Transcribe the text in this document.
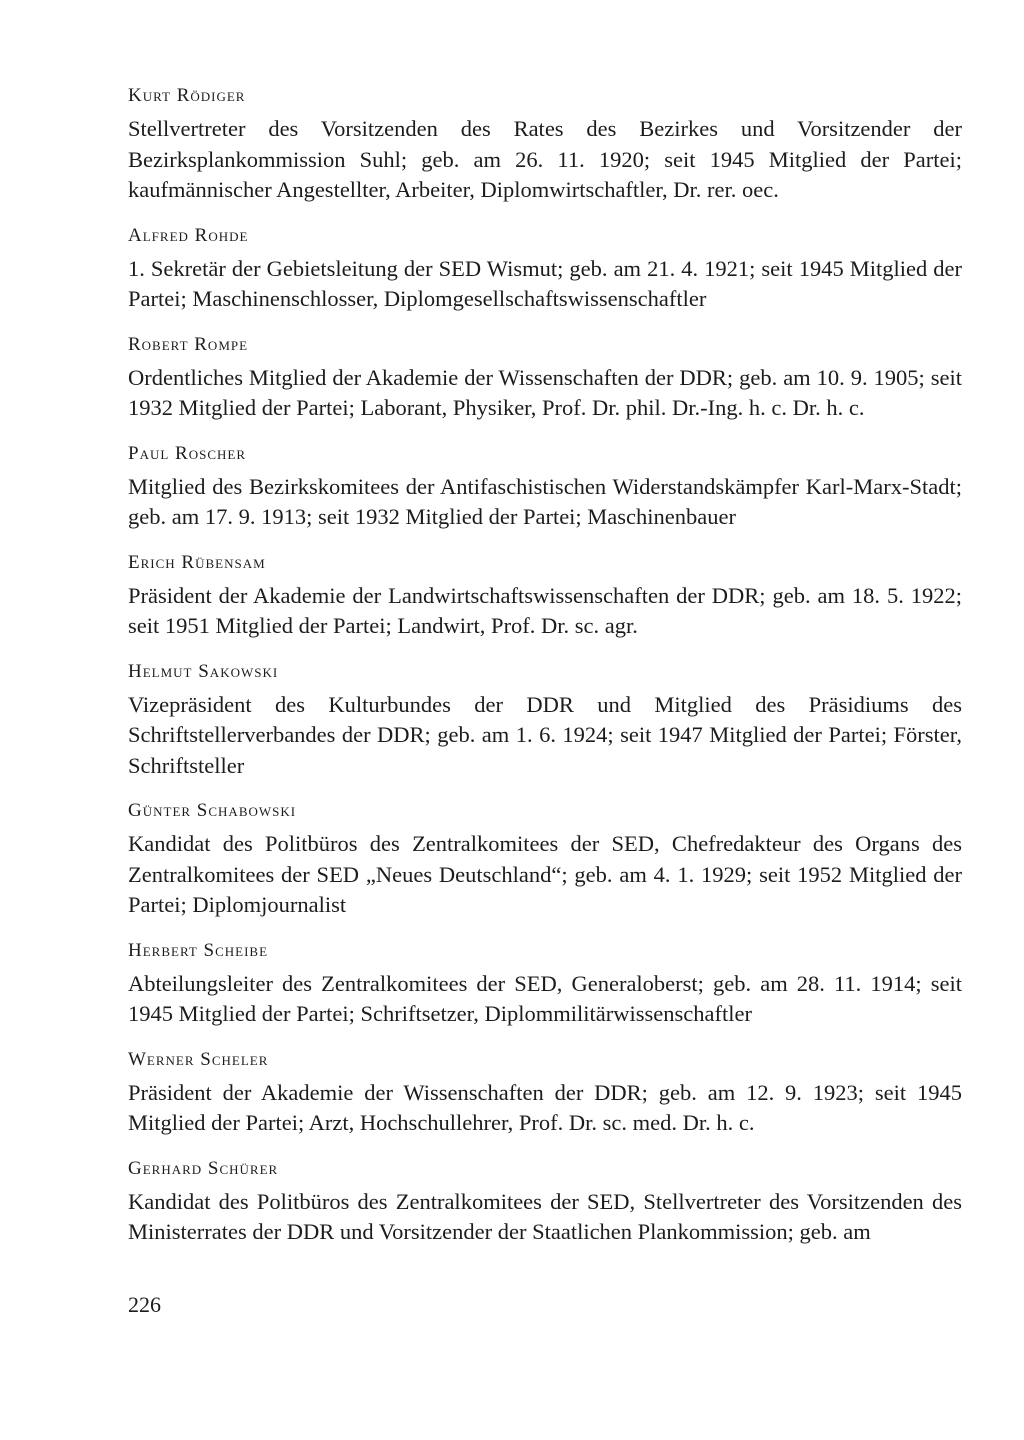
Kurt Rödiger

Stellvertreter des Vorsitzenden des Rates des Bezirkes und Vorsitzender der Bezirksplankommission Suhl; geb. am 26. 11. 1920; seit 1945 Mitglied der Partei; kaufmännischer Angestellter, Arbeiter, Diplomwirtschaftler, Dr. rer. oec.

Alfred Rohde

1. Sekretär der Gebietsleitung der SED Wismut; geb. am 21. 4. 1921; seit 1945 Mitglied der Partei; Maschinenschlosser, Diplomgesellschaftswissenschaftler

Robert Rompe

Ordentliches Mitglied der Akademie der Wissenschaften der DDR; geb. am 10. 9. 1905; seit 1932 Mitglied der Partei; Laborant, Physiker, Prof. Dr. phil. Dr.-Ing. h. c. Dr. h. c.

Paul Roscher

Mitglied des Bezirkskomitees der Antifaschistischen Widerstandskämpfer Karl-Marx-Stadt; geb. am 17. 9. 1913; seit 1932 Mitglied der Partei; Maschinenbauer

Erich Rübensam

Präsident der Akademie der Landwirtschaftswissenschaften der DDR; geb. am 18. 5. 1922; seit 1951 Mitglied der Partei; Landwirt, Prof. Dr. sc. agr.

Helmut Sakowski

Vizepräsident des Kulturbundes der DDR und Mitglied des Präsidiums des Schriftstellerverbandes der DDR; geb. am 1. 6. 1924; seit 1947 Mitglied der Partei; Förster, Schriftsteller

Günter Schabowski

Kandidat des Politbüros des Zentralkomitees der SED, Chefredakteur des Organs des Zentralkomitees der SED „Neues Deutschland“; geb. am 4. 1. 1929; seit 1952 Mitglied der Partei; Diplomjournalist

Herbert Scheibe

Abteilungsleiter des Zentralkomitees der SED, Generaloberst; geb. am 28. 11. 1914; seit 1945 Mitglied der Partei; Schriftsetzer, Diplommilitärwissenschaftler

Werner Scheler

Präsident der Akademie der Wissenschaften der DDR; geb. am 12. 9. 1923; seit 1945 Mitglied der Partei; Arzt, Hochschullehrer, Prof. Dr. sc. med. Dr. h. c.

Gerhard Schürer

Kandidat des Politbüros des Zentralkomitees der SED, Stellvertreter des Vorsitzenden des Ministerrates der DDR und Vorsitzender der Staatlichen Plankommission; geb. am

226
